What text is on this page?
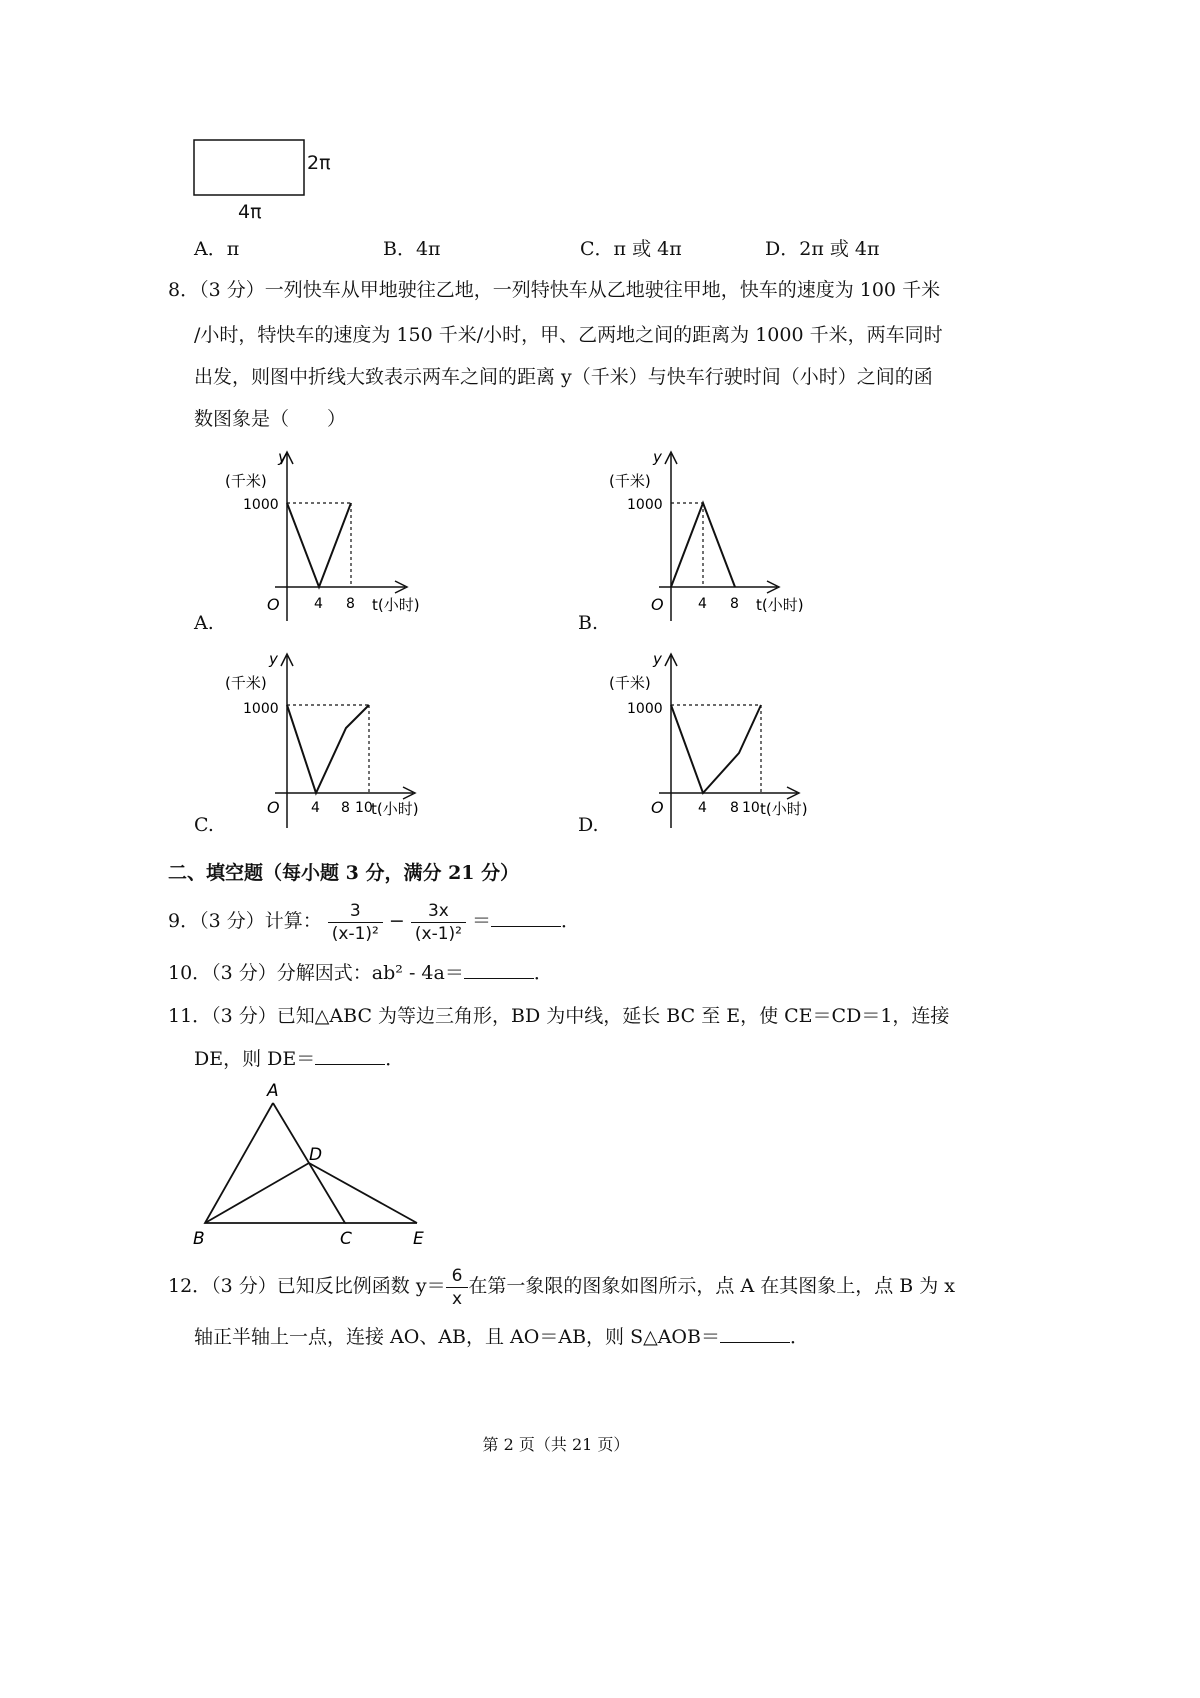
2π
4π
A．π	B．4π	C．π 或 4π	D．2π 或 4π
8．（3 分）一列快车从甲地驶往乙地，一列特快车从乙地驶往甲地，快车的速度为 100 千米
/小时，特快车的速度为 150 千米/小时，甲、乙两地之间的距离为 1000 千米，两车同时
出发，则图中折线大致表示两车之间的距离 y（千米）与快车行驶时间（小时）之间的函
数图象是（　　）
y
(千米)
1000
O 4 8 t(小时)
A.
y
(千米)
1000
O 4 8 t(小时)
B.
y
(千米)
1000
O 4 8 10
t(小时)
C.
y
(千米)
1000
O 4 8 10 t(小时)
D.
二、填空题（每小题 3 分，满分 21 分）
9．（3 分）计算： $\frac{3}{\text{(x-1)²}} - \frac{3x}{\text{(x-1)²}}$ ＝	．
10．（3 分）分解因式：ab² - 4a＝	．
11．（3 分）已知△ABC 为等边三角形，BD 为中线，延长 BC 至 E，使 CE＝CD＝1，连接
DE，则 DE＝	．
A
B	C
D
E
12．（3 分）已知反比例函数 $y= \frac{6}{x}$ 在第一象限的图象如图所示，点 A 在其图象上，点 B 为 x
轴正半轴上一点，连接 AO、AB，且 AO＝AB，则 S△AOB＝	．
第 2 页（共 21 页）
